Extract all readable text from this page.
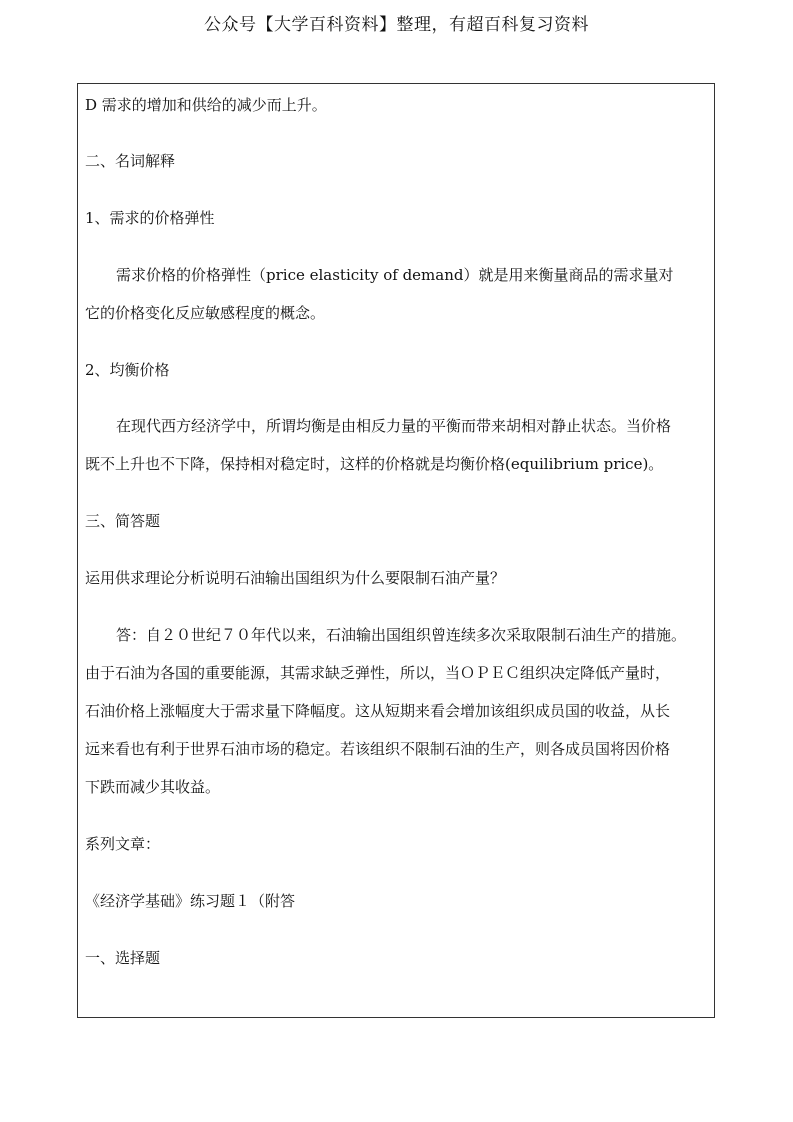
公众号【大学百科资料】整理，有超百科复习资料
D 需求的增加和供给的减少而上升。
二、名词解释
1、需求的价格弹性
需求价格的价格弹性（price elasticity of demand）就是用来衡量商品的需求量对
它的价格变化反应敏感程度的概念。
2、均衡价格
在现代西方经济学中，所谓均衡是由相反力量的平衡而带来胡相对静止状态。当价格
既不上升也不下降，保持相对稳定时，这样的价格就是均衡价格(equilibrium price)。
三、简答题
运用供求理论分析说明石油输出国组织为什么要限制石油产量？
答：自２０世纪７０年代以来，石油输出国组织曾连续多次采取限制石油生产的措施。
由于石油为各国的重要能源，其需求缺乏弹性，所以，当ＯＰＥＣ组织决定降低产量时，
石油价格上涨幅度大于需求量下降幅度。这从短期来看会增加该组织成员国的收益，从长
远来看也有利于世界石油市场的稳定。若该组织不限制石油的生产，则各成员国将因价格
下跌而减少其收益。
系列文章：
《经济学基础》练习题１（附答
一、选择题
